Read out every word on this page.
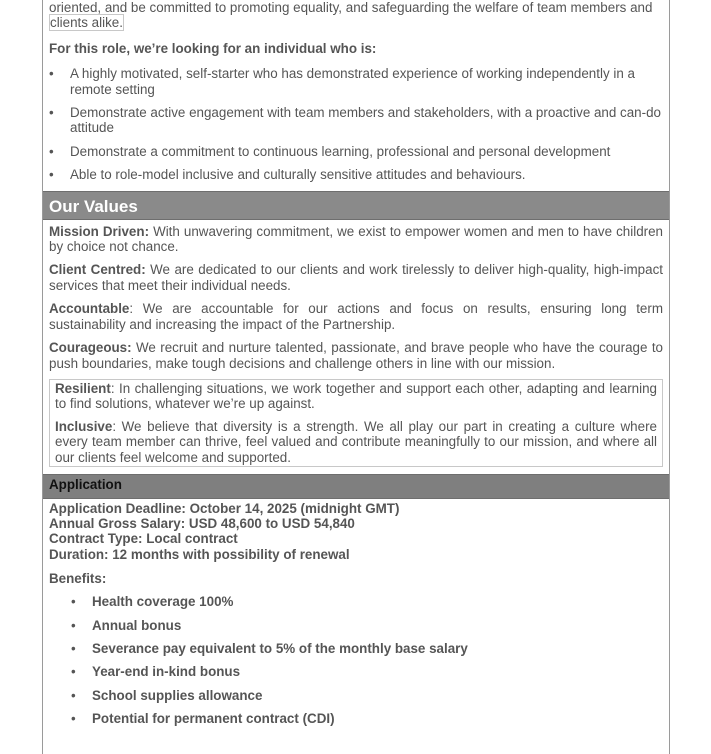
oriented, and be committed to promoting equality, and safeguarding the welfare of team members and
clients alike.

For this role, we’re looking for an individual who is:

• A highly motivated, self-starter who has demonstrated experience of working independently in a remote setting
• Demonstrate active engagement with team members and stakeholders, with a proactive and can-do attitude
• Demonstrate a commitment to continuous learning, professional and personal development
• Able to role-model inclusive and culturally sensitive attitudes and behaviours.
Our Values

Mission Driven: With unwavering commitment, we exist to empower women and men to have children by choice not chance.

Client Centred: We are dedicated to our clients and work tirelessly to deliver high-quality, high-impact services that meet their individual needs.

Accountable: We are accountable for our actions and focus on results, ensuring long term sustainability and increasing the impact of the Partnership.

Courageous: We recruit and nurture talented, passionate, and brave people who have the courage to push boundaries, make tough decisions and challenge others in line with our mission.

Resilient: In challenging situations, we work together and support each other, adapting and learning to find solutions, whatever we’re up against.

Inclusive: We believe that diversity is a strength. We all play our part in creating a culture where every team member can thrive, feel valued and contribute meaningfully to our mission, and where all our clients feel welcome and supported.

Application
Application Deadline: October 14, 2025 (midnight GMT)
Annual Gross Salary: USD 48,600 to USD 54,840
Contract Type: Local contract
Duration: 12 months with possibility of renewal

Benefits:

• Health coverage 100%
• Annual bonus
• Severance pay equivalent to 5% of the monthly base salary
• Year-end in-kind bonus
• School supplies allowance
• Potential for permanent contract (CDI)
